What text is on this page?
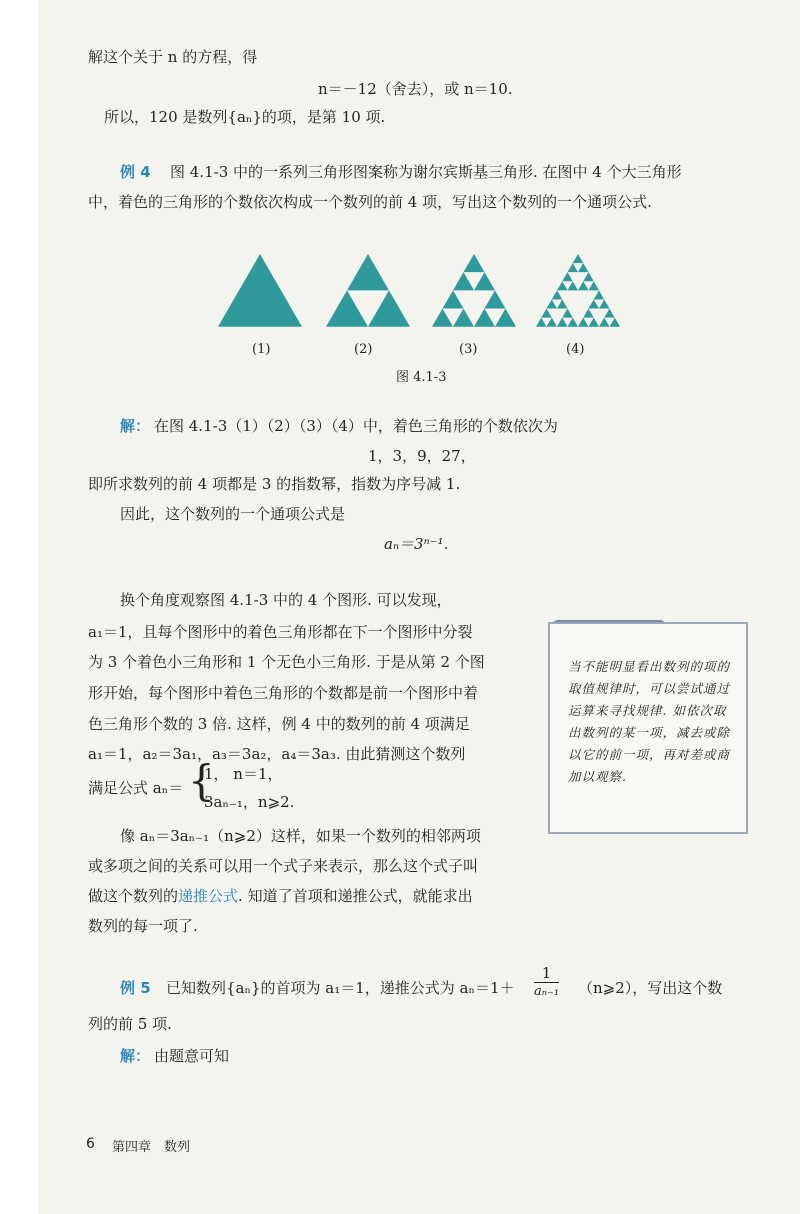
解这个关于 n 的方程，得
n＝－12（舍去），或 n＝10.
所以，120 是数列{aₙ}的项，是第 10 项.
例 4 图 4.1-3 中的一系列三角形图案称为谢尔宾斯基三角形. 在图中 4 个大三角形
中，着色的三角形的个数依次构成一个数列的前 4 项，写出这个数列的一个通项公式.
(1)	(2)	(3)	(4)
图 4.1-3
解： 在图 4.1-3（1）（2）（3）（4）中，着色三角形的个数依次为
1，3，9，27，
即所求数列的前 4 项都是 3 的指数幂，指数为序号减 1.
因此，这个数列的一个通项公式是
aₙ＝3ⁿ⁻¹.
换个角度观察图 4.1-3 中的 4 个图形. 可以发现，
a₁＝1，且每个图形中的着色三角形都在下一个图形中分裂
为 3 个着色小三角形和 1 个无色小三角形. 于是从第 2 个图
形开始，每个图形中着色三角形的个数都是前一个图形中着
色三角形个数的 3 倍. 这样，例 4 中的数列的前 4 项满足
a₁＝1，a₂＝3a₁，a₃＝3a₂，a₄＝3a₃. 由此猜测这个数列
满足公式 aₙ＝ {
1， n＝1，
3aₙ₋₁，n⩾2.
像 aₙ＝3aₙ₋₁（n⩾2）这样，如果一个数列的相邻两项
或多项之间的关系可以用一个式子来表示，那么这个式子叫
做这个数列的递推公式. 知道了首项和递推公式，就能求出
数列的每一项了.
当不能明显看出数列的项的取值规律时，可以尝试通过运算来寻找规律. 如依次取出数列的某一项，减去或除以它的前一项，再对差或商加以观察.
例 5 已知数列{aₙ}的首项为 a₁＝1，递推公式为 $a_n=1+ \frac{1}{\text{aₙ₋₁}}$ （n⩾2），写出这个数
列的前 5 项.
解： 由题意可知
6 第四章　数列
